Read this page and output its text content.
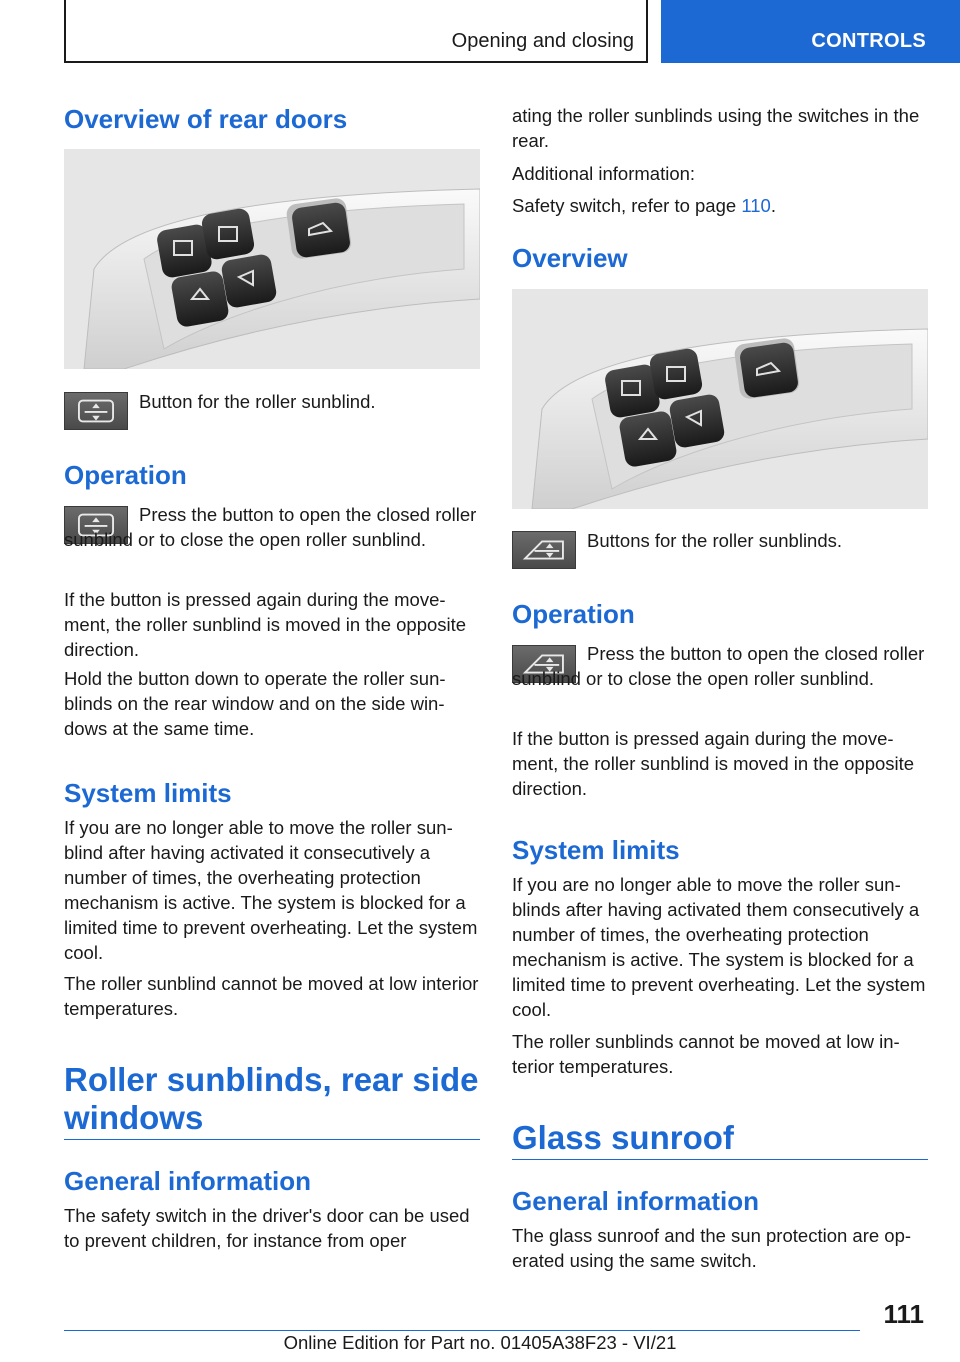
Opening and closing	CONTROLS
Overview of rear doors

Button for the roller sunblind.

Operation

Press the button to open the closed roller sunblind or to close the open roller sunblind.

If the button is pressed again during the movement, the roller sunblind is moved in the opposite direction.

Hold the button down to operate the roller sunblinds on the rear window and on the side windows at the same time.

System limits

If you are no longer able to move the roller sunblind after having activated it consecutively a number of times, the overheating protection mechanism is active. The system is blocked for a limited time to prevent overheating. Let the system cool.

The roller sunblind cannot be moved at low interior temperatures.

Roller sunblinds, rear side windows
General information

The safety switch in the driver's door can be used to prevent children, for instance from oper

ating the roller sunblinds using the switches in the rear.

Additional information:

Safety switch, refer to page 110.

Overview

Buttons for the roller sunblinds.

Operation

Press the button to open the closed roller sunblind or to close the open roller sunblind.

If the button is pressed again during the movement, the roller sunblind is moved in the opposite direction.

System limits

If you are no longer able to move the roller sunblinds after having activated them consecutively a number of times, the overheating protection mechanism is active. The system is blocked for a limited time to prevent overheating. Let the system cool.

The roller sunblinds cannot be moved at low interior temperatures.

Glass sunroof
General information

The glass sunroof and the sun protection are operated using the same switch.

111
Online Edition for Part no. 01405A38F23 - VI/21
